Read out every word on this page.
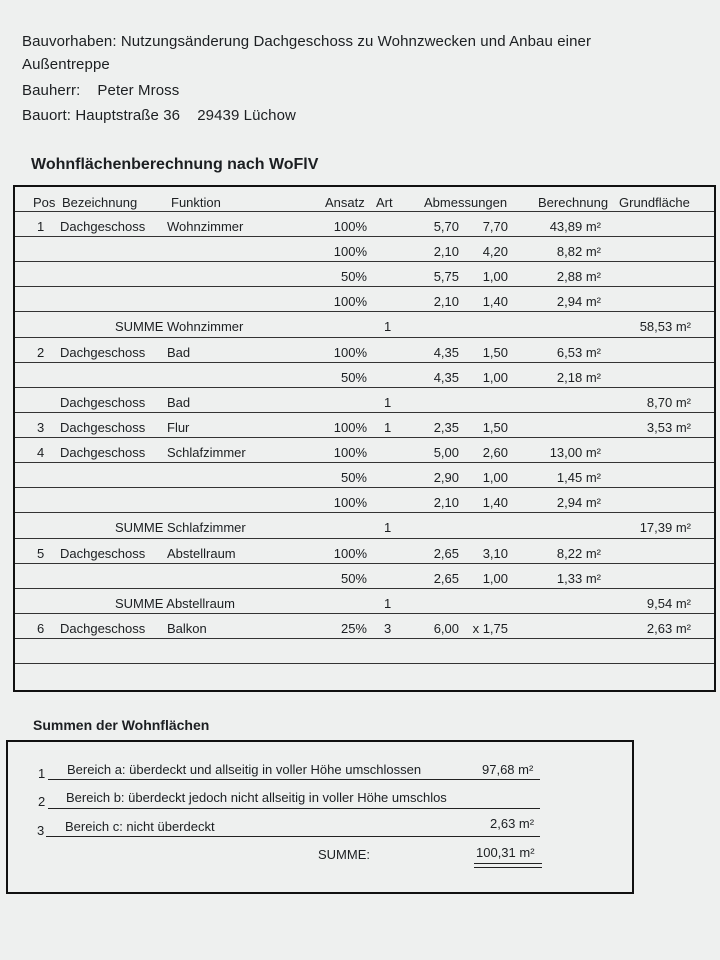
Bauvorhaben: Nutzungsänderung Dachgeschoss zu Wohnzwecken und Anbau einer
Außentreppe
Bauherr:    Peter Mross
Bauort: Hauptstraße 36    29439 Lüchow
Wohnflächenberechnung nach WoFlV
Pos Bezeichnung	Funktion	Ansatz Art Abmessungen Berechnung Grundfläche
1 Dachgeschoss Wohnzimmer	100%	5,70 7,70	43,89 m²
100%	2,10 4,20	8,82 m²
50%	5,75 1,00	2,88 m²
100%	2,10 1,40	2,94 m²
SUMME Wohnzimmer	1	58,53 m²
2 Dachgeschoss Bad	100%	4,35 1,50	6,53 m²
50%	4,35 1,00	2,18 m²
Dachgeschoss Bad	1	8,70 m²
3 Dachgeschoss Flur	100% 1	2,35 1,50	3,53 m²
4 Dachgeschoss Schlafzimmer	100%	5,00 2,60	13,00 m²
50%	2,90 1,00	1,45 m²
100%	2,10 1,40	2,94 m²
SUMME Schlafzimmer	1	17,39 m²
5 Dachgeschoss Abstellraum	100%	2,65 3,10	8,22 m²
50%	2,65 1,00	1,33 m²
SUMME Abstellraum	1	9,54 m²
6 Dachgeschoss Balkon	25% 3	6,00 x 1,75	2,63 m²
Summen der Wohnflächen
1 Bereich a: überdeckt und allseitig in voller Höhe umschlossen	97,68 m²
2 Bereich b: überdeckt jedoch nicht allseitig in voller Höhe umschlos
3 Bereich c: nicht überdeckt	2,63 m²
SUMME:	100,31 m²
